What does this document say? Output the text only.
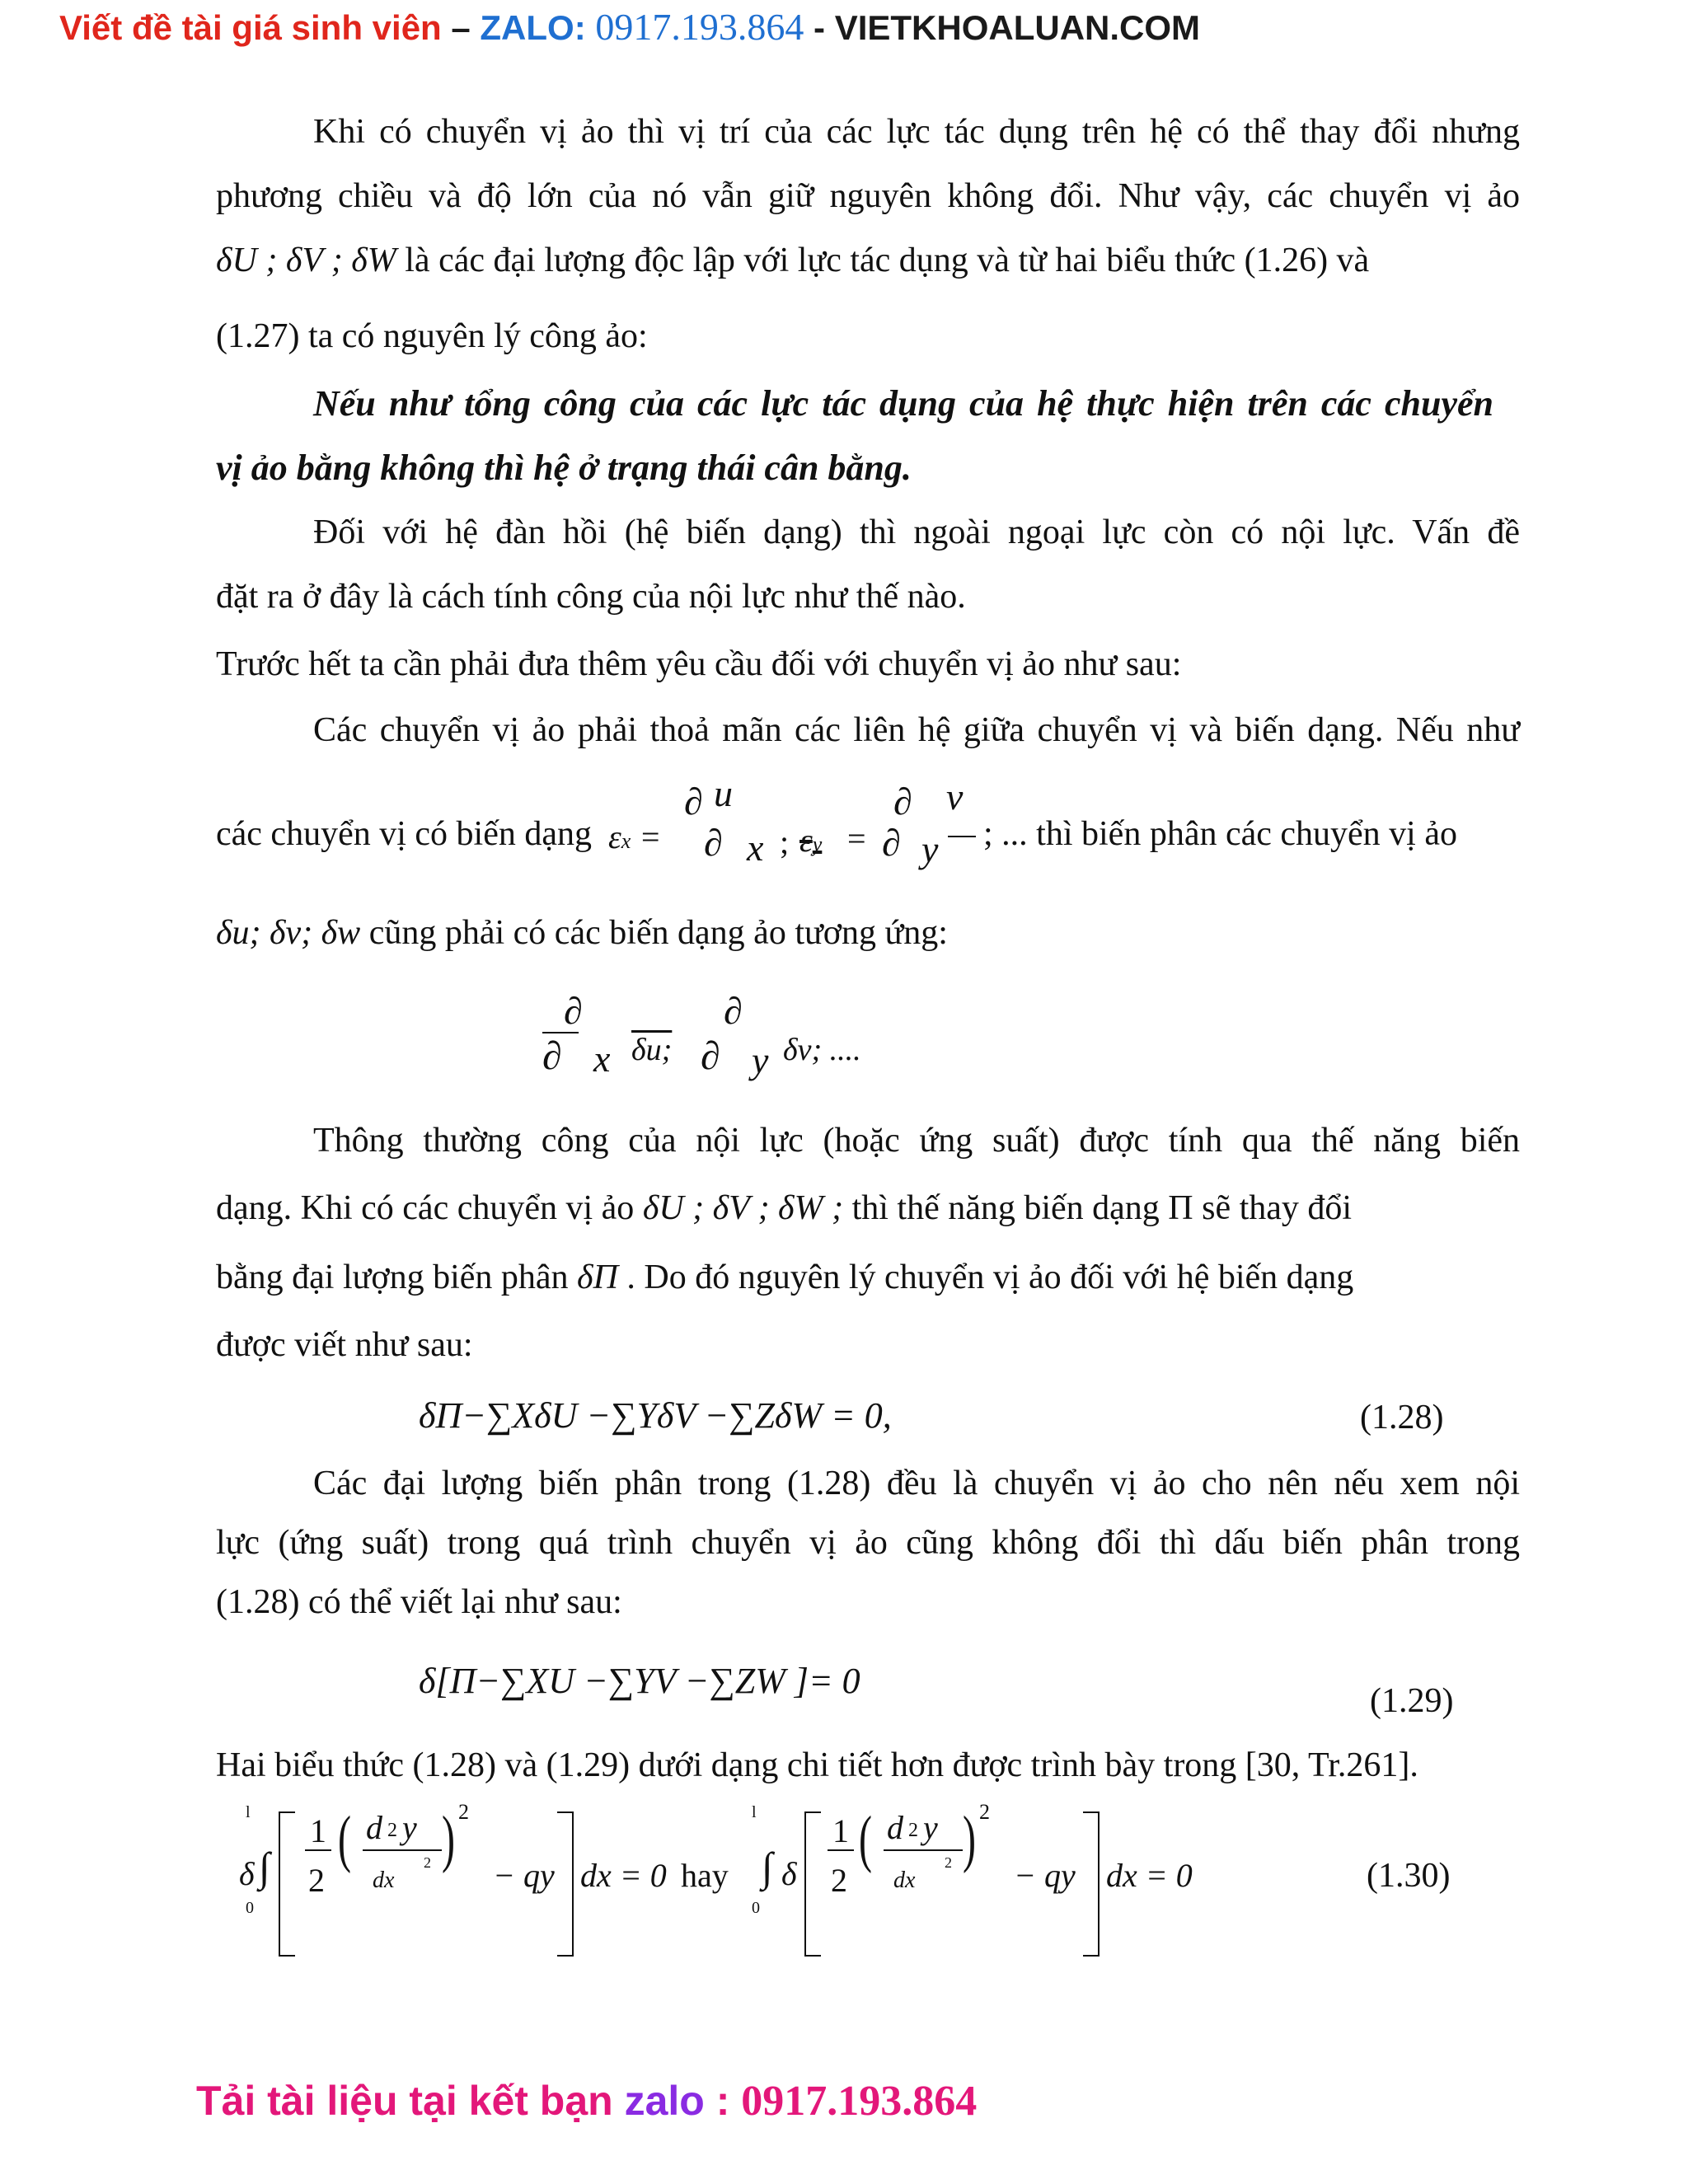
Viết đề tài giá sinh viên – ZALO: 0917.193.864 - VIETKHOALUAN.COM
Khi có chuyển vị ảo thì vị trí của các lực tác dụng trên hệ có thể thay đổi nhưng
phương chiều và độ lớn của nó vẫn giữ nguyên không đổi. Như vậy, các chuyển vị ảo
δU ; δV ; δW là các đại lượng độc lập với lực tác dụng và từ hai biểu thức (1.26) và
(1.27) ta có nguyên lý công ảo:
Nếu như tổng công của các lực tác dụng của hệ thực hiện trên các chuyển
vị ảo bằng không thì hệ ở trạng thái cân bằng.
Đối với hệ đàn hồi (hệ biến dạng) thì ngoài ngoại lực còn có nội lực. Vấn đề
đặt ra ở đây là cách tính công của nội lực như thế nào.
Trước hết ta cần phải đưa thêm yêu cầu đối với chuyển vị ảo như sau:
Các chuyển vị ảo phải thoả mãn các liên hệ giữa chuyển vị và biến dạng. Nếu như
các chuyển vị có biến dạng εx =
∂ u
∂ x ; εy =
∂ v
∂ y ; ... thì biến phân các chuyển vị ảo
δu; δv; δw cũng phải có các biến dạng ảo tương ứng:
∂
∂ x δu;
∂
∂ y δv; ....
Thông thường công của nội lực (hoặc ứng suất) được tính qua thế năng biến
dạng. Khi có các chuyển vị ảo δU ; δV ; δW ; thì thế năng biến dạng Π sẽ thay đổi
bằng đại lượng biến phân δΠ . Do đó nguyên lý chuyển vị ảo đối với hệ biến dạng
được viết như sau:
δΠ−∑XδU −∑YδV −∑ZδW = 0,	(1.28)
Các đại lượng biến phân trong (1.28) đều là chuyển vị ảo cho nên nếu xem nội
lực (ứng suất) trong quá trình chuyển vị ảo cũng không đổi thì dấu biến phân trong
(1.28) có thể viết lại như sau:
δ[Π−∑XU −∑YV −∑ZW ]= 0	(1.29)
Hai biểu thức (1.28) và (1.29) dưới dạng chi tiết hơn được trình bày trong [30, Tr.261].
l
δ ∫
0
1
2
( d 2 y
dx
2 ) 2
− qy dx = 0 hay

l
∫ δ
0
1
2
( d 2 y
dx
2 ) 2
− qy dx = 0	(1.30)
Tải tài liệu tại kết bạn zalo : 0917.193.864
